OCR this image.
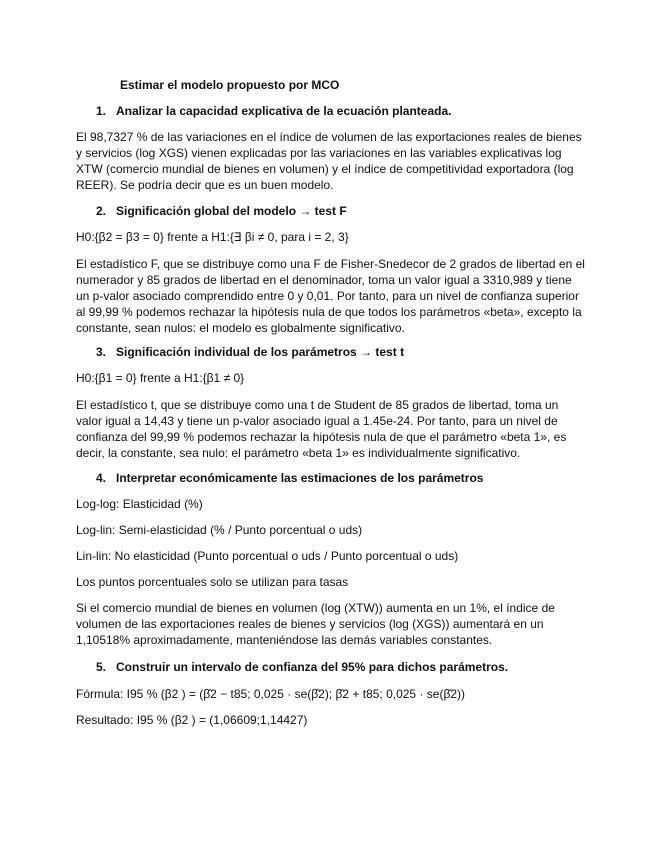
Estimar el modelo propuesto por MCO
1. Analizar la capacidad explicativa de la ecuación planteada.
El 98,7327 % de las variaciones en el índice de volumen de las exportaciones reales de bienes y servicios (log XGS) vienen explicadas por las variaciones en las variables explicativas log XTW (comercio mundial de bienes en volumen) y el índice de competitividad exportadora (log REER). Se podría decir que es un buen modelo.
2. Significación global del modelo → test F
H0:{β2 = β3 = 0} frente a H1:{∃ βi ≠ 0, para i = 2, 3}
El estadístico F, que se distribuye como una F de Fisher-Snedecor de 2 grados de libertad en el numerador y 85 grados de libertad en el denominador, toma un valor igual a 3310,989 y tiene un p-valor asociado comprendido entre 0 y 0,01. Por tanto, para un nivel de confianza superior al 99,99 % podemos rechazar la hipótesis nula de que todos los parámetros «beta», excepto la constante, sean nulos: el modelo es globalmente significativo.
3. Significación individual de los parámetros → test t
H0:{β1 = 0} frente a H1:{β1 ≠ 0}
El estadístico t, que se distribuye como una t de Student de 85 grados de libertad, toma un valor igual a 14,43 y tiene un p-valor asociado igual a 1.45e-24. Por tanto, para un nivel de confianza del 99,99 % podemos rechazar la hipótesis nula de que el parámetro «beta 1», es decir, la constante, sea nulo: el parámetro «beta 1» es individualmente significativo.
4. Interpretar económicamente las estimaciones de los parámetros
Log-log: Elasticidad (%)
Log-lin: Semi-elasticidad (% / Punto porcentual o uds)
Lin-lin: No elasticidad (Punto porcentual o uds / Punto porcentual o uds)
Los puntos porcentuales solo se utilizan para tasas
Si el comercio mundial de bienes en volumen (log (XTW)) aumenta en un 1%, el índice de volumen de las exportaciones reales de bienes y servicios (log (XGS)) aumentará en un 1,10518% aproximadamente, manteniéndose las demás variables constantes.
5. Construir un intervalo de confianza del 95% para dichos parámetros.
Fórmula: I95 % (β2 ) = (β̂2 − t85; 0,025 · se(β̂2); β̂2 + t85; 0,025 · se(β̂2))
Resultado: I95 % (β2 ) = (1,06609;1,14427)
